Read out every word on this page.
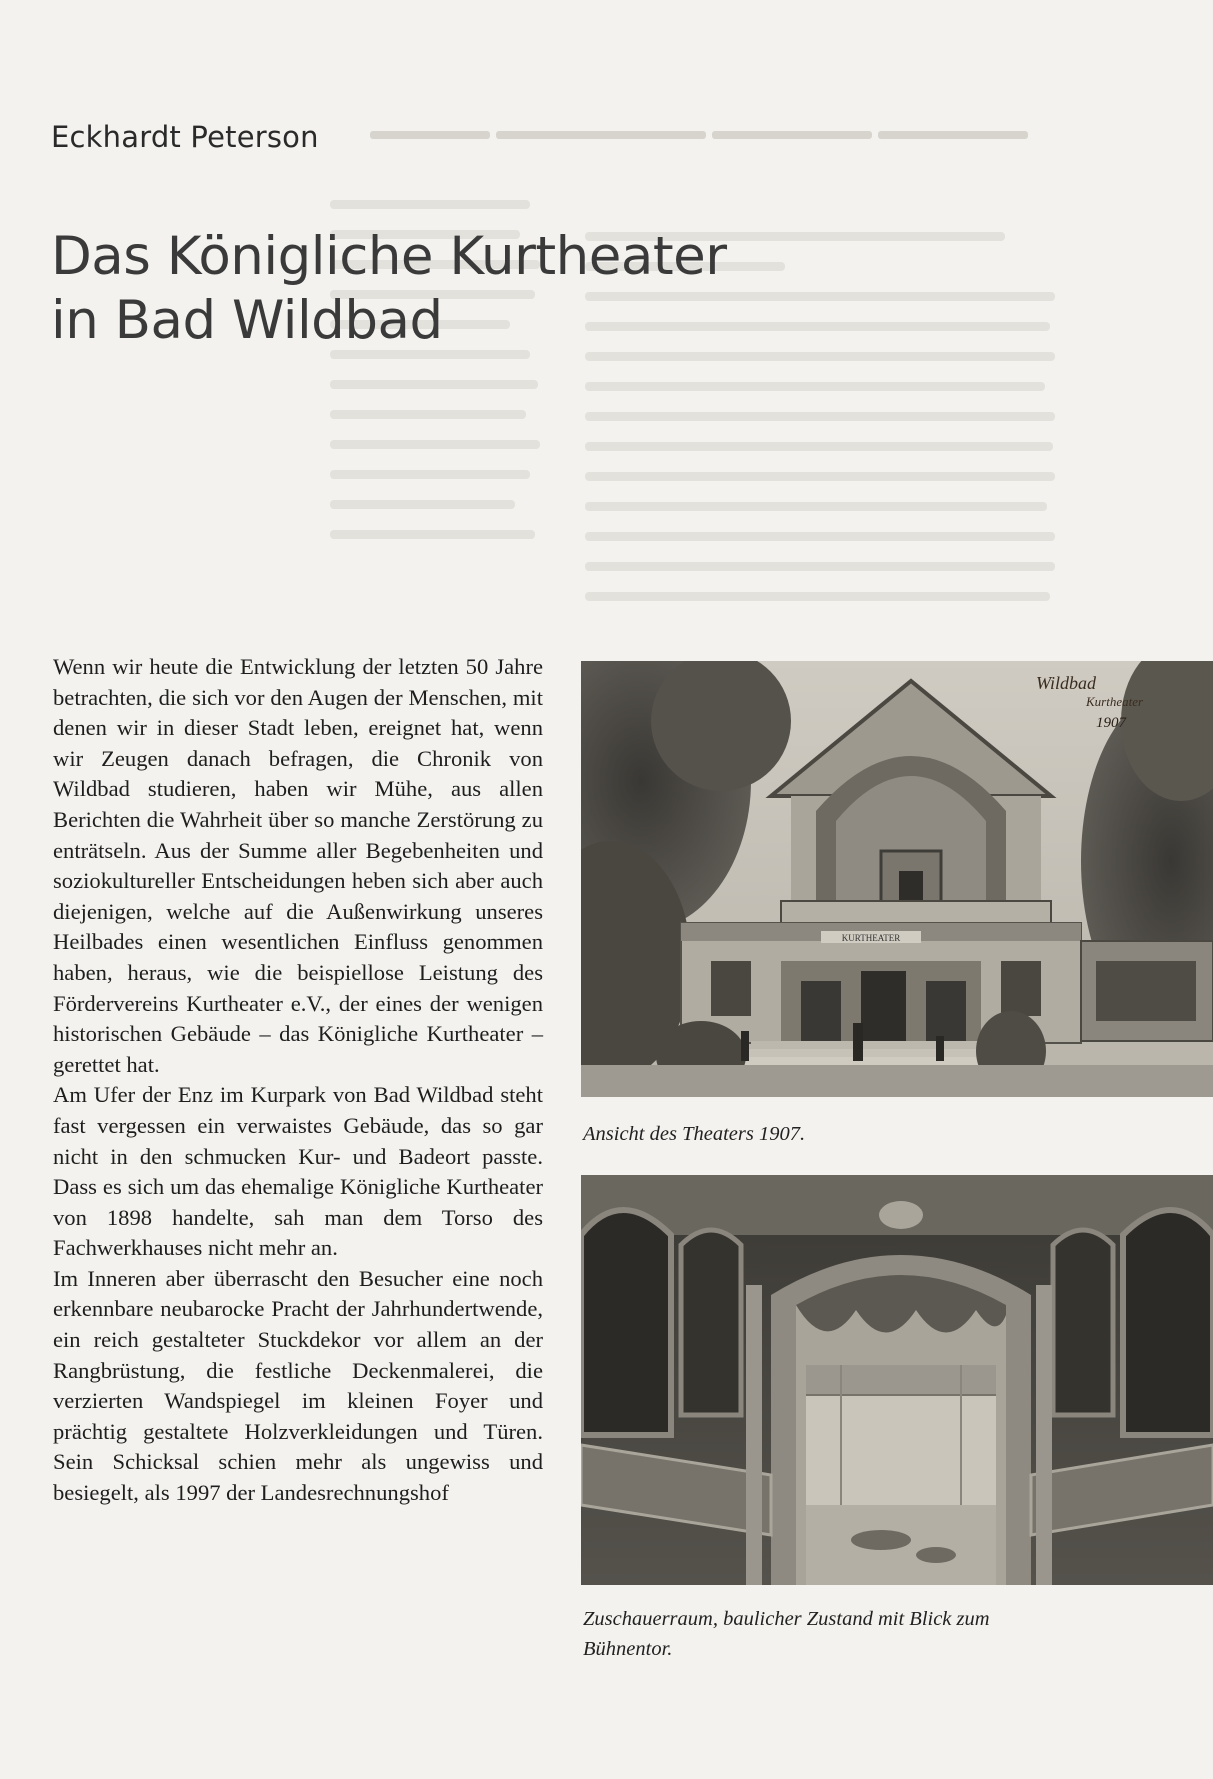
Eckhardt Peterson
Das Königliche Kurtheater
in Bad Wildbad

Wenn wir heute die Entwicklung der letzten 50 Jahre betrachten, die sich vor den Augen der Menschen, mit denen wir in dieser Stadt leben, ereignet hat, wenn wir Zeugen danach befragen, die Chronik von Wildbad studieren, haben wir Mühe, aus allen Berichten die Wahrheit über so manche Zerstörung zu enträtseln. Aus der Summe aller Begebenheiten und soziokultureller Entscheidungen heben sich aber auch diejenigen, welche auf die Außenwirkung unseres Heilbades einen wesentlichen Einfluss genommen haben, heraus, wie die beispiellose Leistung des Fördervereins Kurtheater e.V., der eines der wenigen historischen Gebäude – das Königliche Kurtheater – gerettet hat.

Am Ufer der Enz im Kurpark von Bad Wildbad steht fast vergessen ein verwaistes Gebäude, das so gar nicht in den schmucken Kur- und Badeort passte. Dass es sich um das ehemalige Königliche Kurtheater von 1898 handelte, sah man dem Torso des Fachwerkhauses nicht mehr an.

Im Inneren aber überrascht den Besucher eine noch erkennbare neubarocke Pracht der Jahrhundertwende, ein reich gestalteter Stuckdekor vor allem an der Rangbrüstung, die festliche Deckenmalerei, die verzierten Wandspiegel im kleinen Foyer und prächtig gestaltete Holzverkleidungen und Türen. Sein Schicksal schien mehr als ungewiss und besiegelt, als 1997 der Landesrechnungshof

KURTHEATER
Wildbad
Kurtheater
1907
Ansicht des Theaters 1907.
Zuschauerraum, baulicher Zustand mit Blick zum Bühnentor.
